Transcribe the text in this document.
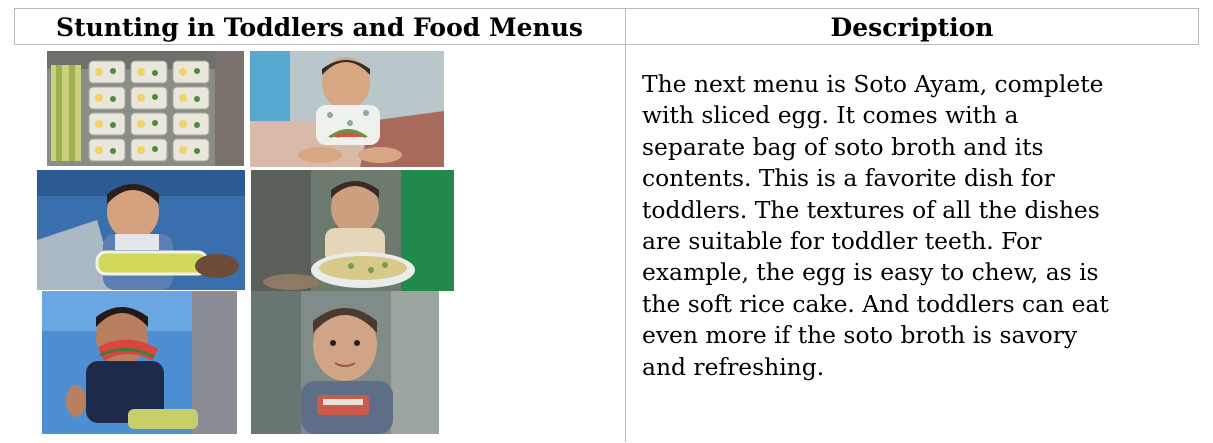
Stunting in Toddlers and Food Menus	Description
The next menu is Soto Ayam, complete
with sliced egg. It comes with a
separate bag of soto broth and its
contents. This is a favorite dish for
toddlers. The textures of all the dishes
are suitable for toddler teeth. For
example, the egg is easy to chew, as is
the soft rice cake. And toddlers can eat
even more if the soto broth is savory
and refreshing.
